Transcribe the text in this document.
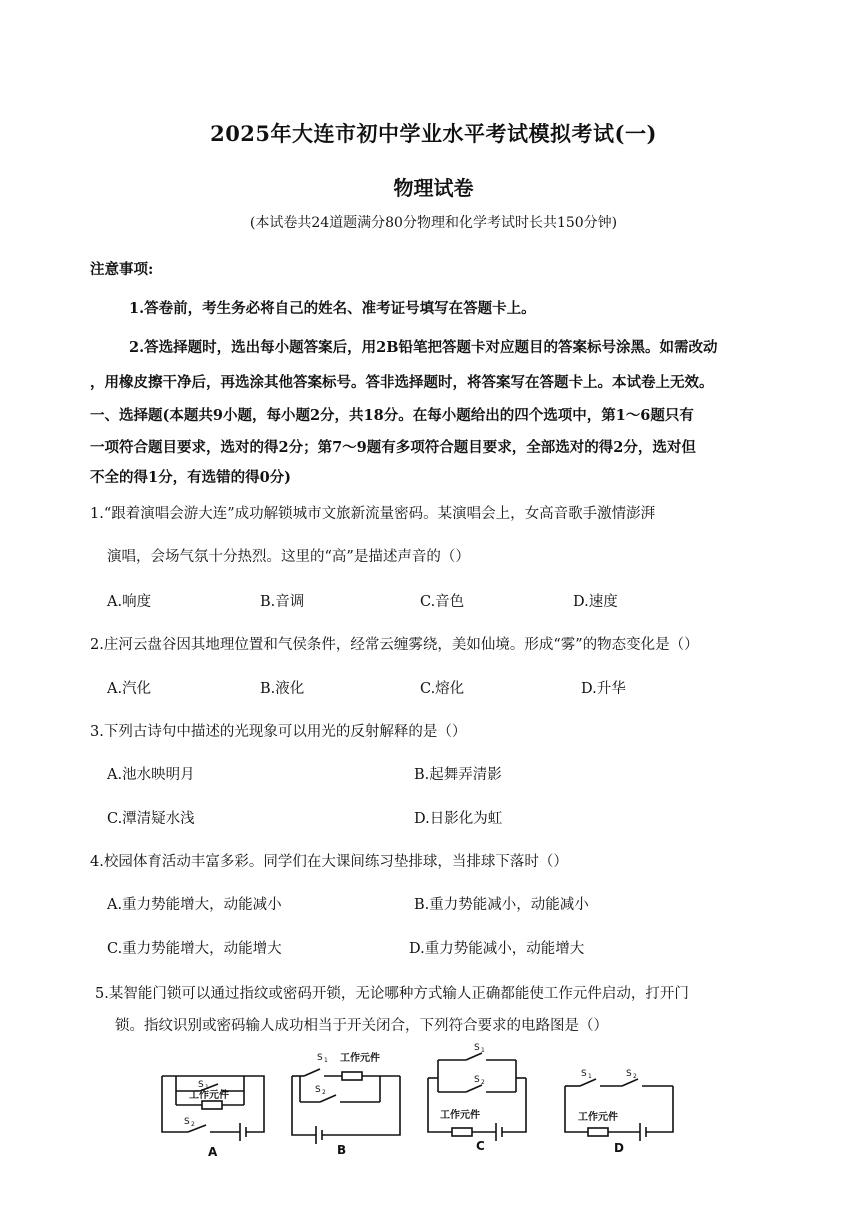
2025年大连市初中学业水平考试模拟考试(一)
物理试卷
(本试卷共24道题满分80分物理和化学考试时长共150分钟)
注意事项:
1.答卷前，考生务必将自己的姓名、准考证号填写在答题卡上。
2.答选择题时，选出每小题答案后，用2B铅笔把答题卡对应题目的答案标号涂黑。如需改动
，用橡皮擦干净后，再选涂其他答案标号。答非选择题时，将答案写在答题卡上。本试卷上无效。
一、选择题(本题共9小题，每小题2分，共18分。在每小题给出的四个选项中，第1～6题只有
一项符合题目要求，选对的得2分；第7～9题有多项符合题目要求，全部选对的得2分，选对但
不全的得1分，有选错的得0分)
1.“跟着演唱会游大连”成功解锁城市文旅新流量密码。某演唱会上，女高音歌手激情澎湃
演唱，会场气氛十分热烈。这里的“高”是描述声音的（）
A.响度	B.音调	C.音色	D.速度
2.庄河云盘谷因其地理位置和气侯条件，经常云缠雾绕，美如仙境。形成“雾”的物态变化是（）
A.汽化	B.液化	C.熔化	D.升华
3.下列古诗句中描述的光现象可以用光的反射解释的是（）
A.池水映明月	B.起舞弄清影
C.潭清疑水浅	D.日影化为虹
4.校园体育活动丰富多彩。同学们在大课间练习垫排球，当排球下落时（）
A.重力势能增大，动能减小	B.重力势能减小，动能减小
C.重力势能增大，动能增大	D.重力势能减小，动能增大
5.某智能门锁可以通过指纹或密码开锁，无论哪种方式输人正确都能使工作元件启动，打开门
锁。指纹识别或密码输人成功相当于开关闭合，下列符合要求的电路图是（）
S 1
S 2
工作元件
A
S 1
S 2
工作元件
B
S 1
S 2
工作元件
C
S 1	S 2
工作元件
D
